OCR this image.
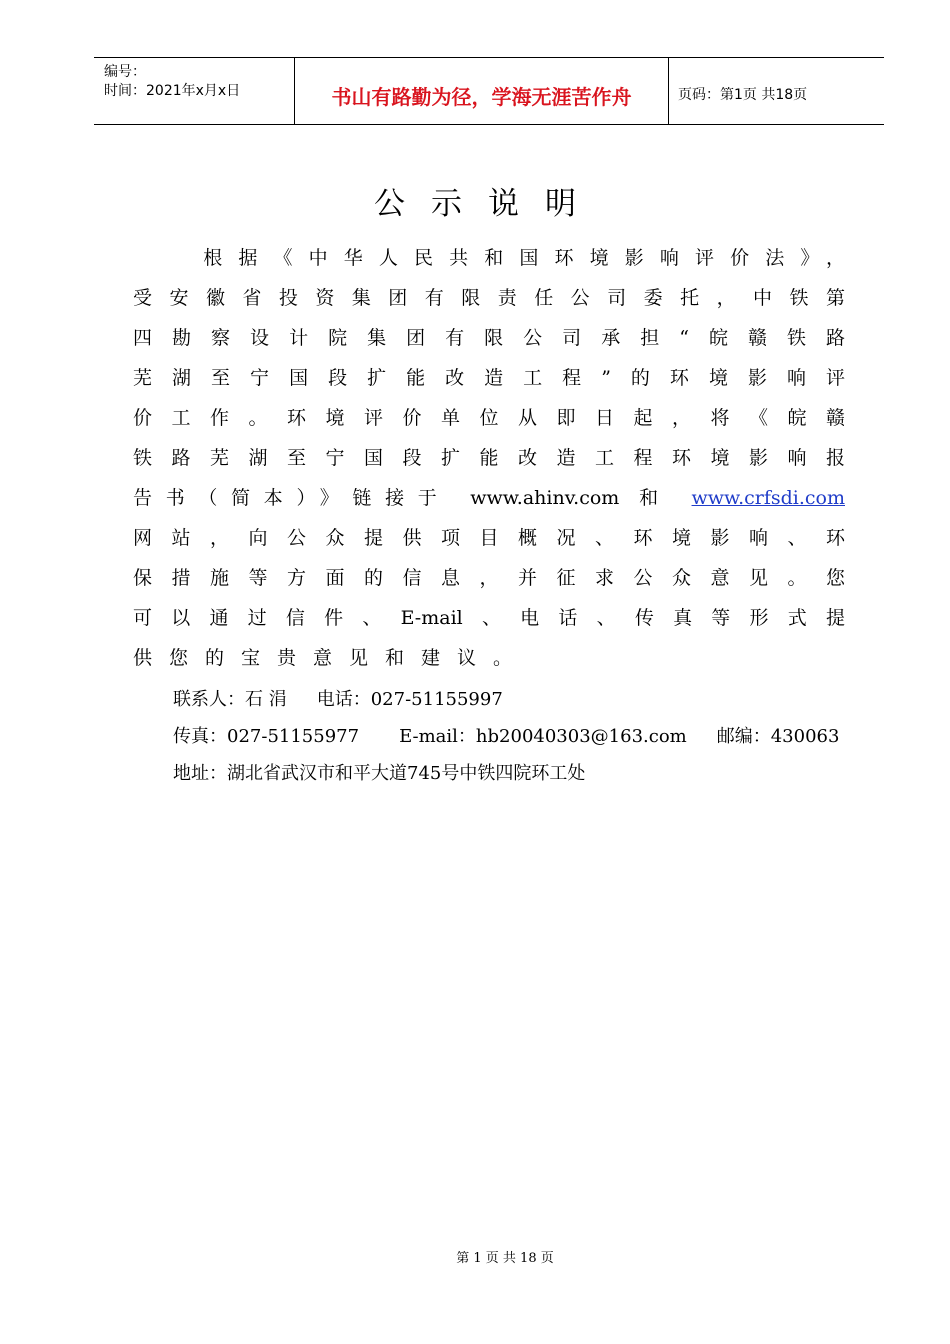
编号：
时间：2021年x月x日	书山有路勤为径，学海无涯苦作舟	页码：第1页 共18页
公示说明
　　根据《中华人民共和国环境影响评价法》，
受安徽省投资集团有限责任公司委托，中铁第
四勘察设计院集团有限公司承担“皖赣铁路
芜湖至宁国段扩能改造工程”的环境影响评
价工作。环境评价单位从即日起，将《皖赣
铁路芜湖至宁国段扩能改造工程环境影响报
告书（简本）》链接于 www.ahinv.com 和 www.crfsdi.com
网站，向公众提供项目概况、环境影响、环
保措施等方面的信息，并征求公众意见。您
可以通过信件、E-mail、电话、传真等形式提
供您的宝贵意见和建议。
联系人：石 涓 电话：027-51155997
传真：027-51155977 E-mail：hb20040303@163.com 邮编：430063
地址：湖北省武汉市和平大道745号中铁四院环工处
第 1 页 共 18 页
